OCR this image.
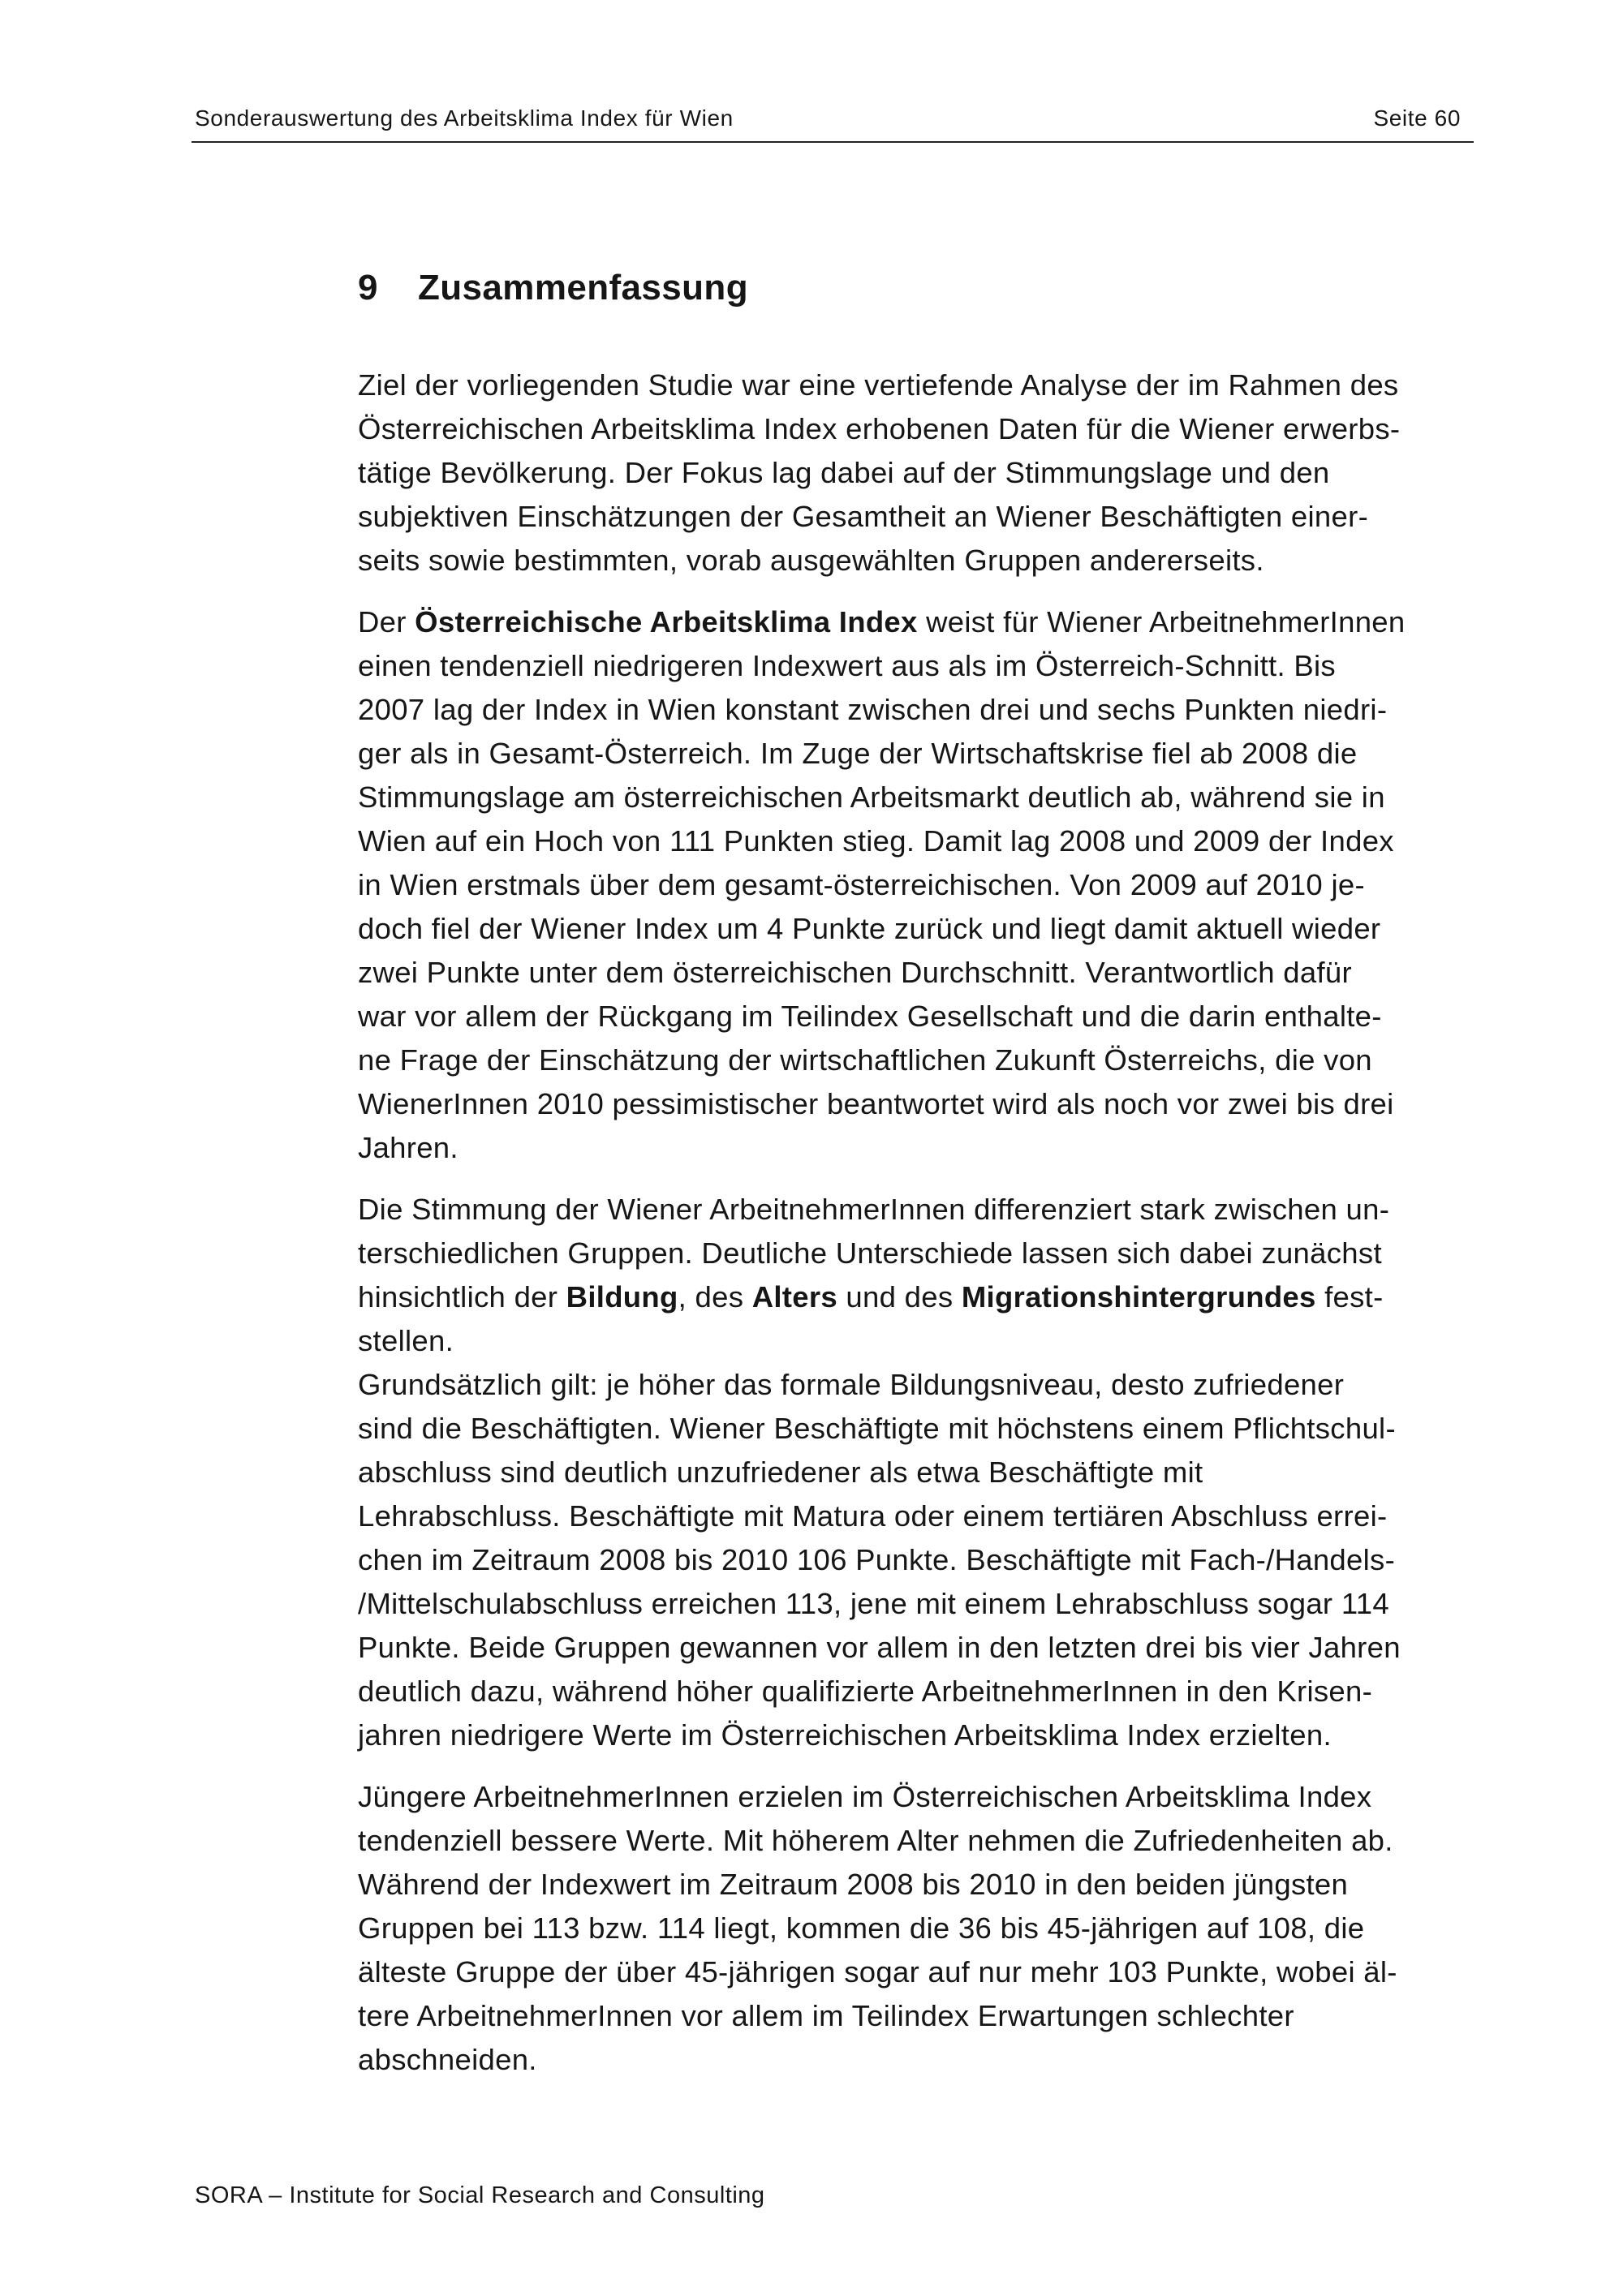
Sonderauswertung des Arbeitsklima Index für Wien	Seite 60
9 Zusammenfassung
Ziel der vorliegenden Studie war eine vertiefende Analyse der im Rahmen des
Österreichischen Arbeitsklima Index erhobenen Daten für die Wiener erwerbs-
tätige Bevölkerung. Der Fokus lag dabei auf der Stimmungslage und den
subjektiven Einschätzungen der Gesamtheit an Wiener Beschäftigten einer-
seits sowie bestimmten, vorab ausgewählten Gruppen andererseits.
Der Österreichische Arbeitsklima Index weist für Wiener ArbeitnehmerInnen
einen tendenziell niedrigeren Indexwert aus als im Österreich-Schnitt. Bis
2007 lag der Index in Wien konstant zwischen drei und sechs Punkten niedri-
ger als in Gesamt-Österreich. Im Zuge der Wirtschaftskrise fiel ab 2008 die
Stimmungslage am österreichischen Arbeitsmarkt deutlich ab, während sie in
Wien auf ein Hoch von 111 Punkten stieg. Damit lag 2008 und 2009 der Index
in Wien erstmals über dem gesamt-österreichischen. Von 2009 auf 2010 je-
doch fiel der Wiener Index um 4 Punkte zurück und liegt damit aktuell wieder
zwei Punkte unter dem österreichischen Durchschnitt. Verantwortlich dafür
war vor allem der Rückgang im Teilindex Gesellschaft und die darin enthalte-
ne Frage der Einschätzung der wirtschaftlichen Zukunft Österreichs, die von
WienerInnen 2010 pessimistischer beantwortet wird als noch vor zwei bis drei
Jahren.
Die Stimmung der Wiener ArbeitnehmerInnen differenziert stark zwischen un-
terschiedlichen Gruppen. Deutliche Unterschiede lassen sich dabei zunächst
hinsichtlich der Bildung, des Alters und des Migrationshintergrundes fest-
stellen.
Grundsätzlich gilt: je höher das formale Bildungsniveau, desto zufriedener
sind die Beschäftigten. Wiener Beschäftigte mit höchstens einem Pflichtschul-
abschluss sind deutlich unzufriedener als etwa Beschäftigte mit
Lehrabschluss. Beschäftigte mit Matura oder einem tertiären Abschluss errei-
chen im Zeitraum 2008 bis 2010 106 Punkte. Beschäftigte mit Fach-/Handels-
/Mittelschulabschluss erreichen 113, jene mit einem Lehrabschluss sogar 114
Punkte. Beide Gruppen gewannen vor allem in den letzten drei bis vier Jahren
deutlich dazu, während höher qualifizierte ArbeitnehmerInnen in den Krisen-
jahren niedrigere Werte im Österreichischen Arbeitsklima Index erzielten.
Jüngere ArbeitnehmerInnen erzielen im Österreichischen Arbeitsklima Index
tendenziell bessere Werte. Mit höherem Alter nehmen die Zufriedenheiten ab.
Während der Indexwert im Zeitraum 2008 bis 2010 in den beiden jüngsten
Gruppen bei 113 bzw. 114 liegt, kommen die 36 bis 45-jährigen auf 108, die
älteste Gruppe der über 45-jährigen sogar auf nur mehr 103 Punkte, wobei äl-
tere ArbeitnehmerInnen vor allem im Teilindex Erwartungen schlechter
abschneiden.
SORA – Institute for Social Research and Consulting
